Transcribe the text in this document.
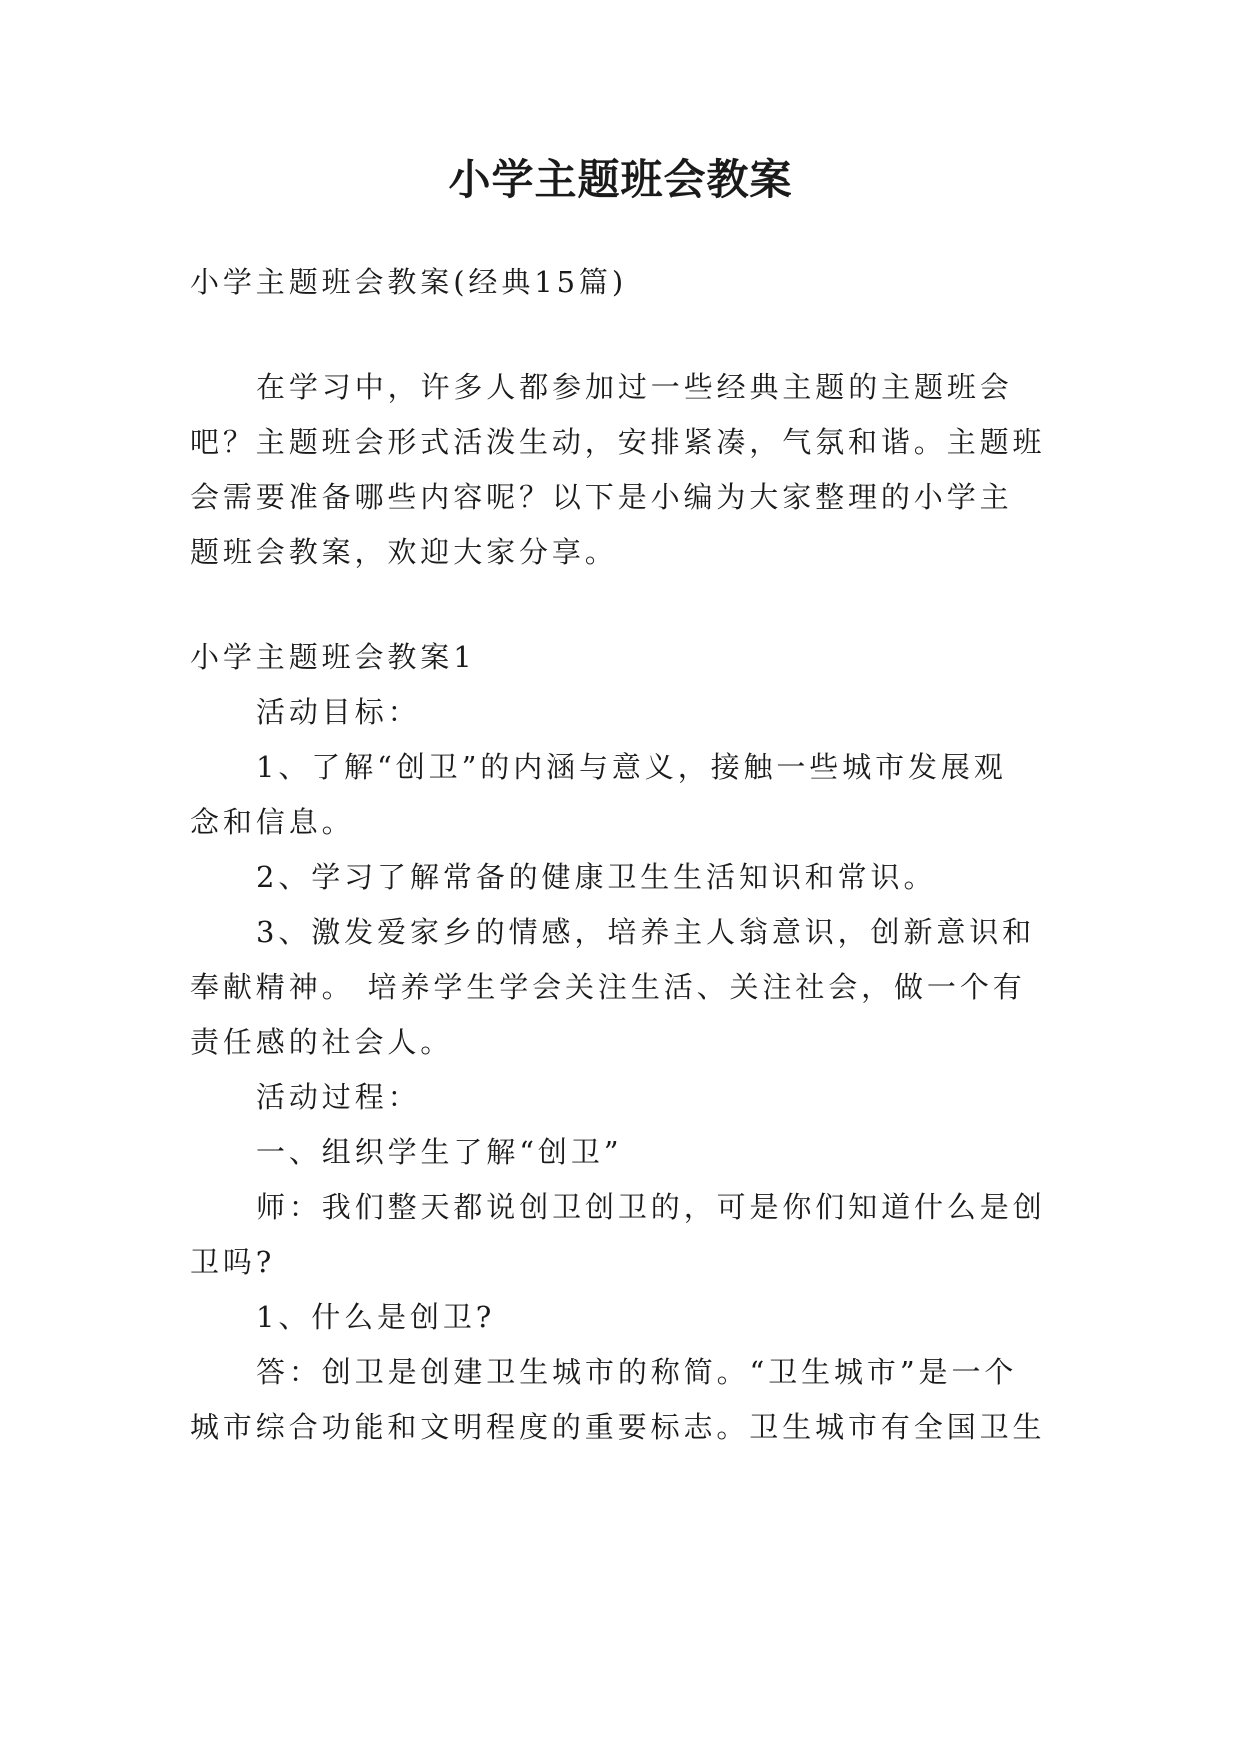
小学主题班会教案

小学主题班会教案(经典15篇)

在学习中，许多人都参加过一些经典主题的主题班会

吧？主题班会形式活泼生动，安排紧凑，气氛和谐。主题班

会需要准备哪些内容呢？以下是小编为大家整理的小学主

题班会教案，欢迎大家分享。

小学主题班会教案1

活动目标：

1、了解“创卫”的内涵与意义，接触一些城市发展观

念和信息。

2、学习了解常备的健康卫生生活知识和常识。

3、激发爱家乡的情感，培养主人翁意识，创新意识和

奉献精神。 培养学生学会关注生活、关注社会，做一个有

责任感的社会人。

活动过程：

一、组织学生了解“创卫”

师：我们整天都说创卫创卫的，可是你们知道什么是创

卫吗?

1、什么是创卫?

答：创卫是创建卫生城市的称简。“卫生城市”是一个

城市综合功能和文明程度的重要标志。卫生城市有全国卫生
